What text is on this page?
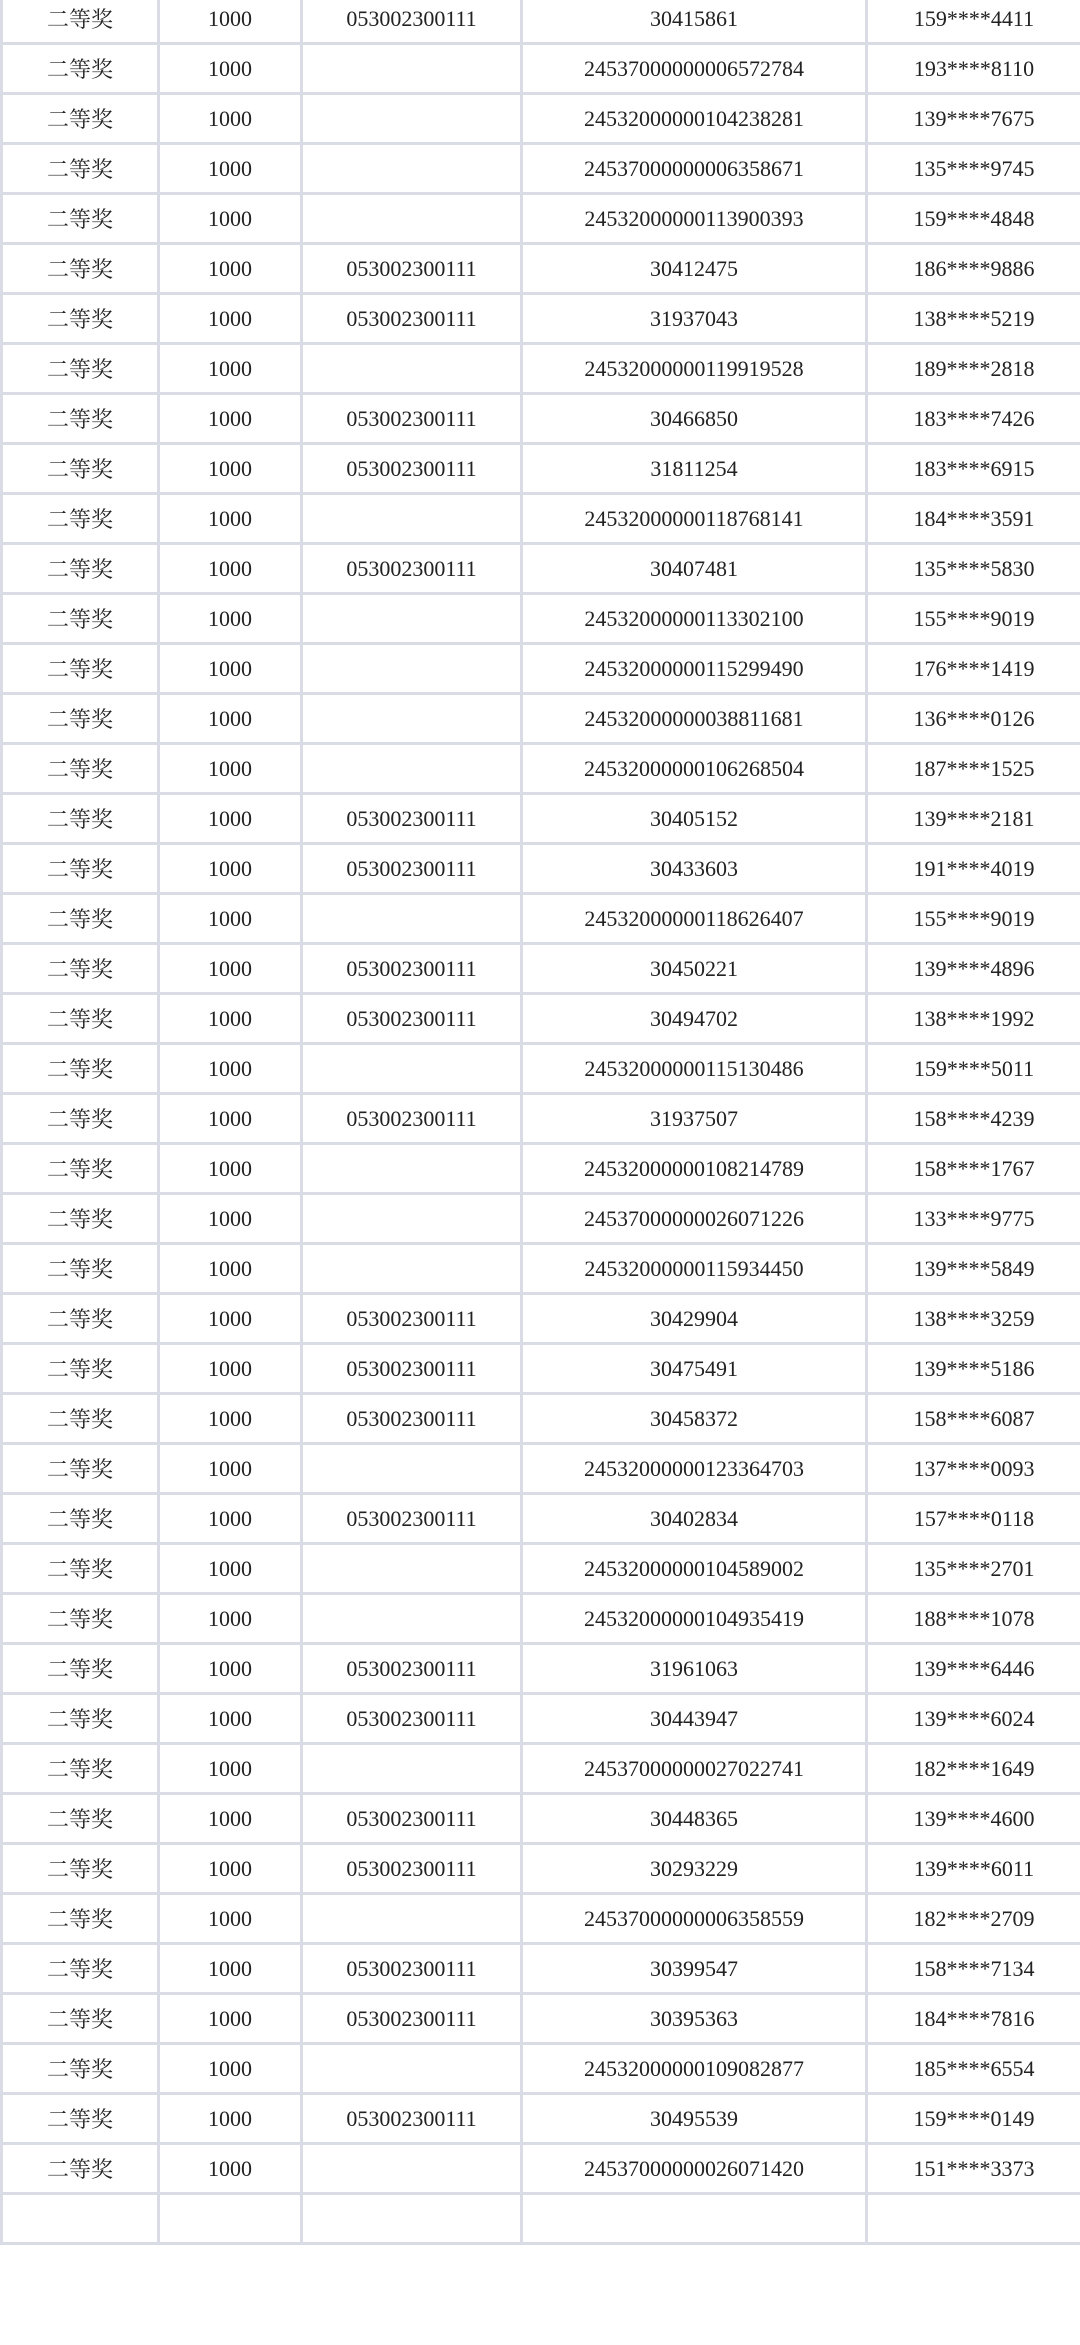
二等奖	1000	053002300111	30415861	159****4411
二等奖	1000		24537000000006572784	193****8110
二等奖	1000		24532000000104238281	139****7675
二等奖	1000		24537000000006358671	135****9745
二等奖	1000		24532000000113900393	159****4848
二等奖	1000	053002300111	30412475	186****9886
二等奖	1000	053002300111	31937043	138****5219
二等奖	1000		24532000000119919528	189****2818
二等奖	1000	053002300111	30466850	183****7426
二等奖	1000	053002300111	31811254	183****6915
二等奖	1000		24532000000118768141	184****3591
二等奖	1000	053002300111	30407481	135****5830
二等奖	1000		24532000000113302100	155****9019
二等奖	1000		24532000000115299490	176****1419
二等奖	1000		24532000000038811681	136****0126
二等奖	1000		24532000000106268504	187****1525
二等奖	1000	053002300111	30405152	139****2181
二等奖	1000	053002300111	30433603	191****4019
二等奖	1000		24532000000118626407	155****9019
二等奖	1000	053002300111	30450221	139****4896
二等奖	1000	053002300111	30494702	138****1992
二等奖	1000		24532000000115130486	159****5011
二等奖	1000	053002300111	31937507	158****4239
二等奖	1000		24532000000108214789	158****1767
二等奖	1000		24537000000026071226	133****9775
二等奖	1000		24532000000115934450	139****5849
二等奖	1000	053002300111	30429904	138****3259
二等奖	1000	053002300111	30475491	139****5186
二等奖	1000	053002300111	30458372	158****6087
二等奖	1000		24532000000123364703	137****0093
二等奖	1000	053002300111	30402834	157****0118
二等奖	1000		24532000000104589002	135****2701
二等奖	1000		24532000000104935419	188****1078
二等奖	1000	053002300111	31961063	139****6446
二等奖	1000	053002300111	30443947	139****6024
二等奖	1000		24537000000027022741	182****1649
二等奖	1000	053002300111	30448365	139****4600
二等奖	1000	053002300111	30293229	139****6011
二等奖	1000		24537000000006358559	182****2709
二等奖	1000	053002300111	30399547	158****7134
二等奖	1000	053002300111	30395363	184****7816
二等奖	1000		24532000000109082877	185****6554
二等奖	1000	053002300111	30495539	159****0149
二等奖	1000		24537000000026071420	151****3373
